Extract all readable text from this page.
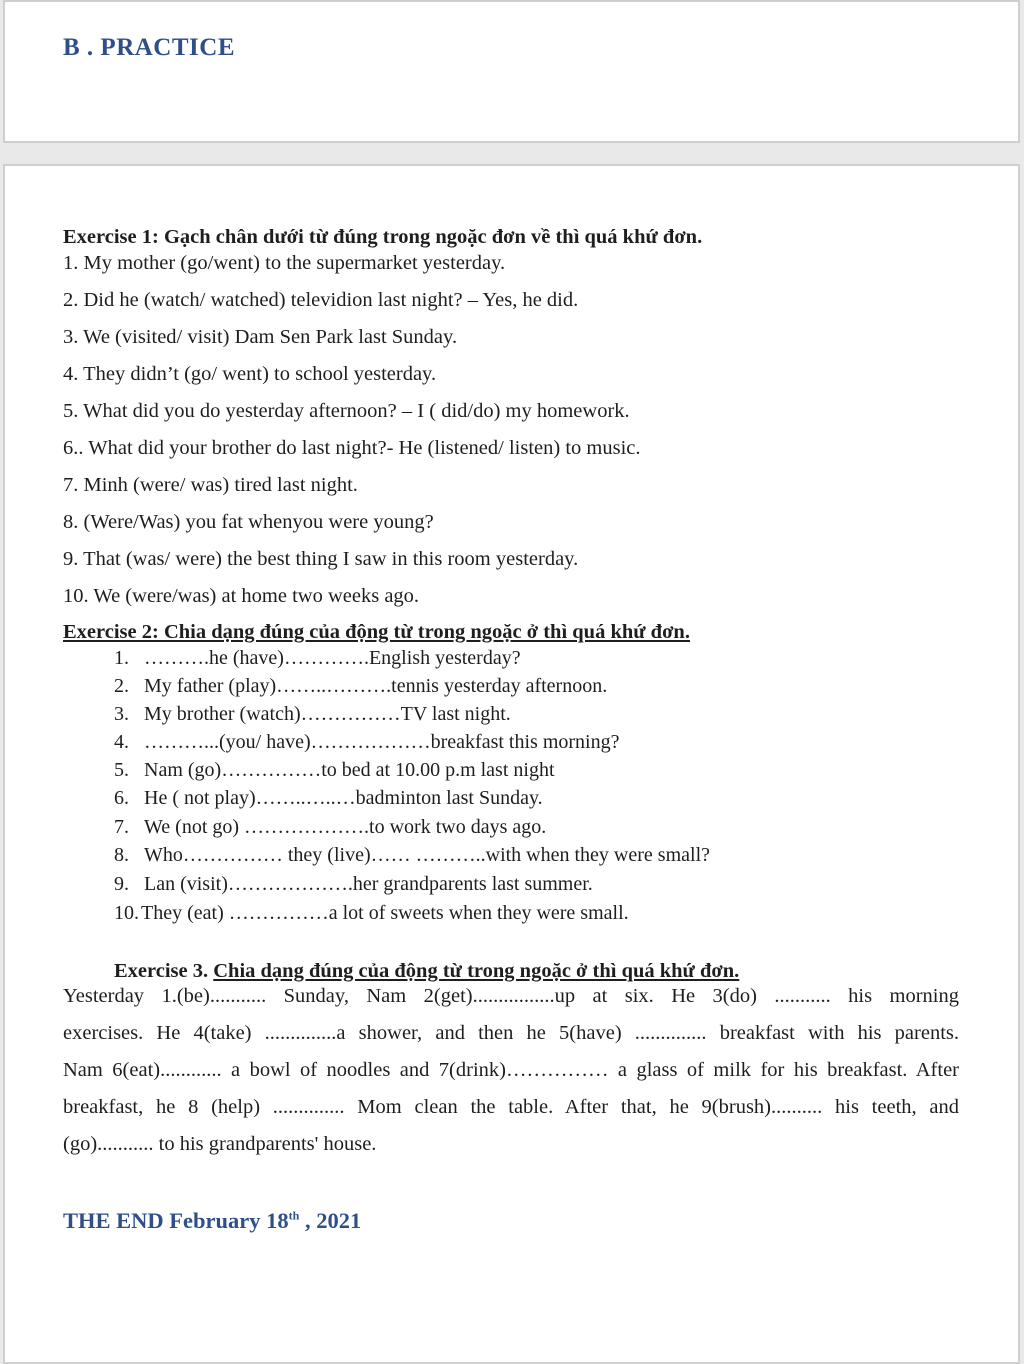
B . PRACTICE

Exercise 1: Gạch chân dưới từ đúng trong ngoặc đơn về thì quá khứ đơn.

1. My mother (go/went) to the supermarket yesterday.

2. Did he (watch/ watched) televidion last night? – Yes, he did.

3. We (visited/ visit) Dam Sen Park last Sunday.

4. They didn’t (go/ went) to school yesterday.

5. What did you do yesterday afternoon? – I ( did/do) my homework.

6.. What did your brother do last night?- He (listened/ listen) to music.

7. Minh (were/ was) tired last night.

8. (Were/Was) you fat whenyou were young?

9. That (was/ were) the best thing I saw in this room yesterday.

10. We (were/was) at home two weeks ago.

Exercise 2: Chia dạng đúng của động từ trong ngoặc ở thì quá khứ đơn.

1. ……….he (have)………….English yesterday?
2. My father (play)……..……….tennis yesterday afternoon.
3. My brother (watch)……………TV last night.
4. ………...(you/ have)………………breakfast this morning?
5. Nam (go)……………to bed at 10.00 p.m last night
6. He ( not play)……..…..…badminton last Sunday.
7. We (not go) ……………….to work two days ago.
8. Who…………… they (live)…… ………..with when they were small?
9. Lan (visit)……………….her grandparents last summer.
10. They (eat) ……………a lot of sweets when they were small.

Exercise 3. Chia dạng đúng của động từ trong ngoặc ở thì quá khứ đơn.

Yesterday 1.(be)........... Sunday, Nam 2(get)................up at six. He 3(do) ........... his morning

exercises. He 4(take) ..............a shower, and then he 5(have) .............. breakfast with his parents.

Nam 6(eat)............ a bowl of noodles and 7(drink)…………… a glass of milk for his breakfast. After

breakfast, he 8 (help) .............. Mom clean the table. After that, he 9(brush).......... his teeth, and

(go)........... to his grandparents' house.

THE END February 18th , 2021
